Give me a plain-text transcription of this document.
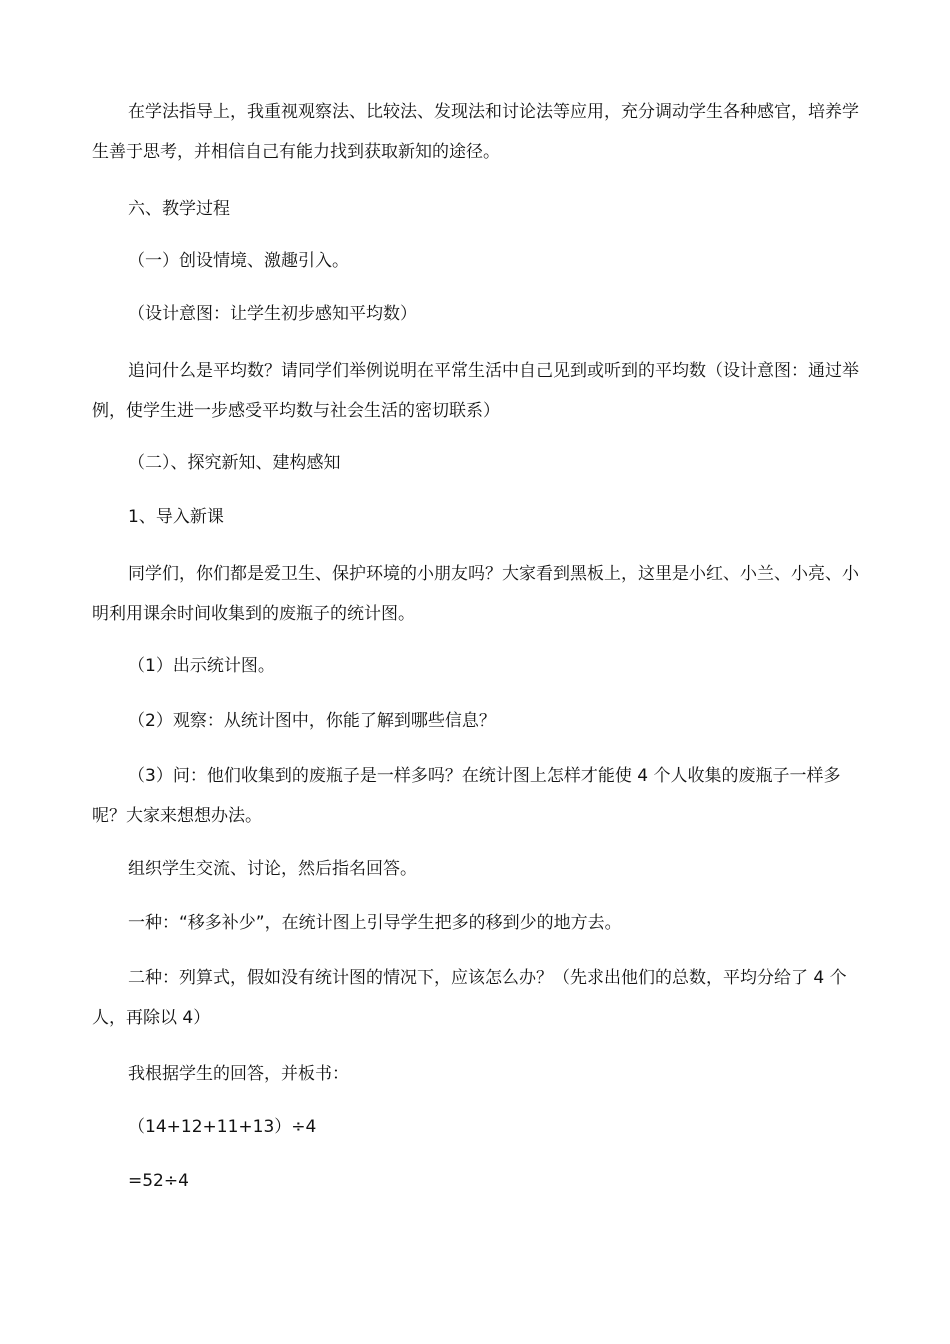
在学法指导上，我重视观察法、比较法、发现法和讨论法等应用，充分调动学生各种感官，培养学生善于思考，并相信自己有能力找到获取新知的途径。

六、教学过程

（一）创设情境、激趣引入。

（设计意图：让学生初步感知平均数）

追问什么是平均数？请同学们举例说明在平常生活中自己见到或听到的平均数（设计意图：通过举例，使学生进一步感受平均数与社会生活的密切联系）

（二）、探究新知、建构感知

1、导入新课

同学们，你们都是爱卫生、保护环境的小朋友吗？大家看到黑板上，这里是小红、小兰、小亮、小明利用课余时间收集到的废瓶子的统计图。

（1）出示统计图。

（2）观察：从统计图中，你能了解到哪些信息？

（3）问：他们收集到的废瓶子是一样多吗？在统计图上怎样才能使 4 个人收集的废瓶子一样多呢？大家来想想办法。

组织学生交流、讨论，然后指名回答。

一种：“移多补少”，在统计图上引导学生把多的移到少的地方去。

二种：列算式，假如没有统计图的情况下，应该怎么办？（先求出他们的总数，平均分给了 4 个人，再除以 4）

我根据学生的回答，并板书：

（14+12+11+13）÷4

=52÷4
